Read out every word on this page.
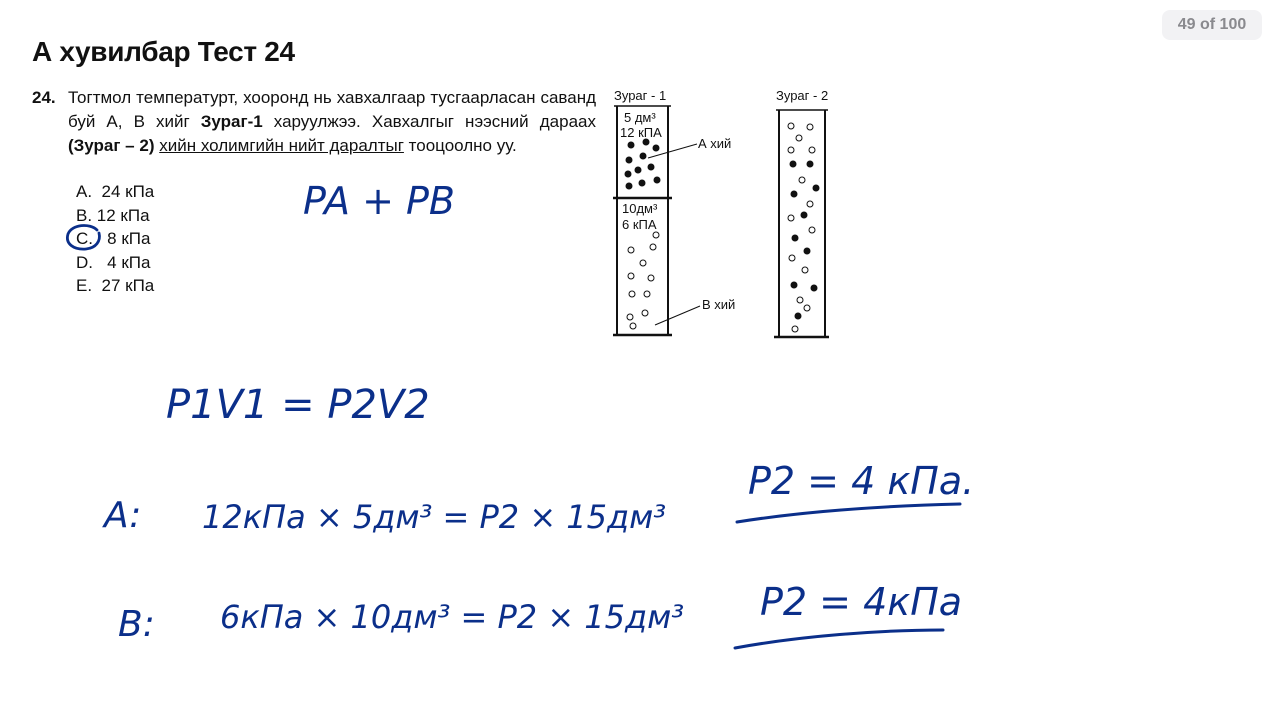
49 of 100
А хувилбар Тест 24
24. Тогтмол температурт, хооронд нь хавхалгаар тусгаарласан саванд буй А, В хийг Зураг-1 харуулжээ. Хавхалгыг нээсний дараах (Зураг – 2) хийн холимгийн нийт даралтыг тооцоолно уу.
A. 24 кПа
B. 12 кПа
C. 8 кПа
D. 4 кПа
E. 27 кПа
Зураг - 1
5 дм³
12 кПА
10дм³
6 кПА
А хий
В хий
Зураг - 2
PA + PB
P1V1 = P2V2
A: 12кПа × 5дм³ = P2 × 15дм³
P2 = 4 кПа.
B: 6кПа × 10дм³ = P2 × 15дм³ P2 = 4кПа
